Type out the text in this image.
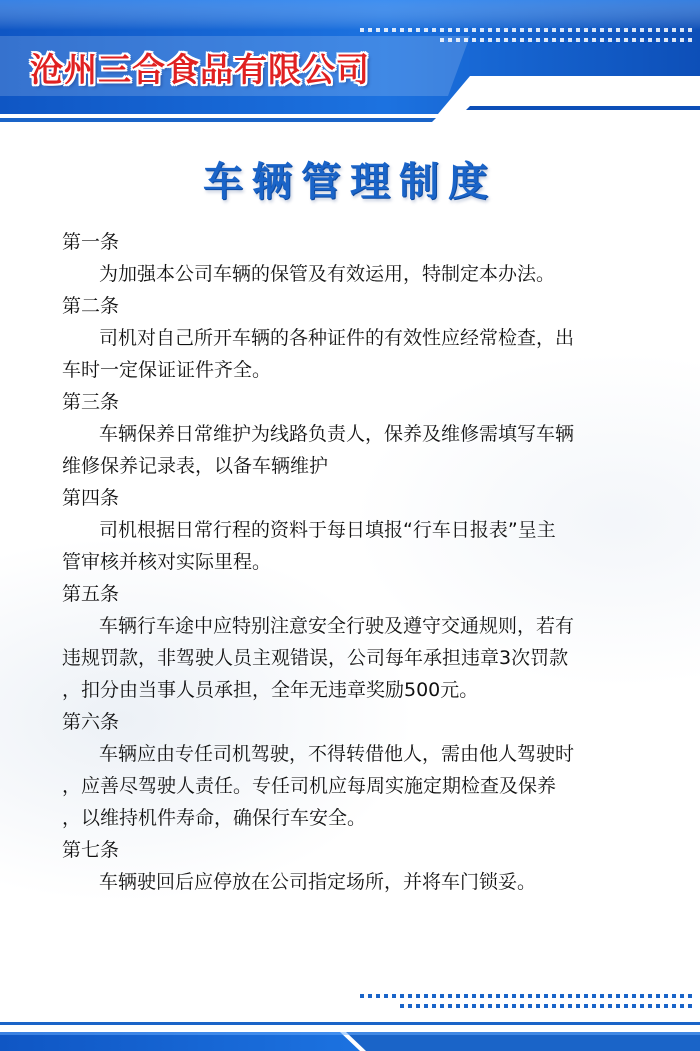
沧州三合食品有限公司
车辆管理制度
第一条

为加强本公司车辆的保管及有效运用，特制定本办法。

第二条

司机对自己所开车辆的各种证件的有效性应经常检查，出
车时一定保证证件齐全。

第三条

车辆保养日常维护为线路负责人，保养及维修需填写车辆
维修保养记录表，以备车辆维护

第四条

司机根据日常行程的资料于每日填报“行车日报表”呈主
管审核并核对实际里程。

第五条

车辆行车途中应特别注意安全行驶及遵守交通规则，若有
违规罚款，非驾驶人员主观错误，公司每年承担违章3次罚款
，扣分由当事人员承担，全年无违章奖励500元。

第六条

车辆应由专任司机驾驶，不得转借他人，需由他人驾驶时
，应善尽驾驶人责任。专任司机应每周实施定期检查及保养
，以维持机件寿命，确保行车安全。

第七条

车辆驶回后应停放在公司指定场所，并将车门锁妥。
